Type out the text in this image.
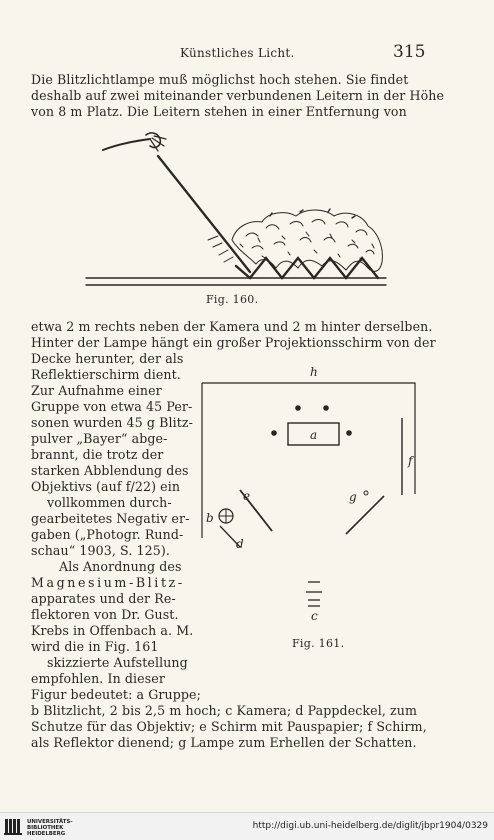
Künstliches Licht.	315
Die Blitzlichtlampe muß möglichst hoch stehen. Sie findet
deshalb auf zwei miteinander verbundenen Leitern in der Höhe
von 8 m Platz. Die Leitern stehen in einer Entfernung von
Fig. 160.
etwa 2 m rechts neben der Kamera und 2 m hinter derselben.
Hinter der Lampe hängt ein großer Projektionsschirm von der
Decke herunter, der als
Reflektierschirm dient.
Zur Aufnahme einer
Gruppe von etwa 45 Per-
sonen wurden 45 g Blitz-
pulver „Bayer“ abge-
brannt, die trotz der
starken Abblendung des
Objektivs (auf f/22) ein
vollkommen durch-
gearbeitetes Negativ er-
gaben („Photogr. Rund-
schau“ 1903, S. 125).
Als Anordnung des
Magnesium-Blitz-
apparates und der Re-
flektoren von Dr. Gust.
Krebs in Offenbach a. M.
wird die in Fig. 161
skizzierte Aufstellung
empfohlen. In dieser
Figur bedeutet: a Gruppe;
h
a
f
e	g
b
d
c
Fig. 161.
b Blitzlicht, 2 bis 2,5 m hoch; c Kamera; d Pappdeckel, zum
Schutze für das Objektiv; e Schirm mit Pauspapier; f Schirm,
als Reflektor dienend; g Lampe zum Erhellen der Schatten.
UNIVERSITÄTS-
BIBLIOTHEK
HEIDELBERG
http://digi.ub.uni-heidelberg.de/diglit/jbpr1904/0329
